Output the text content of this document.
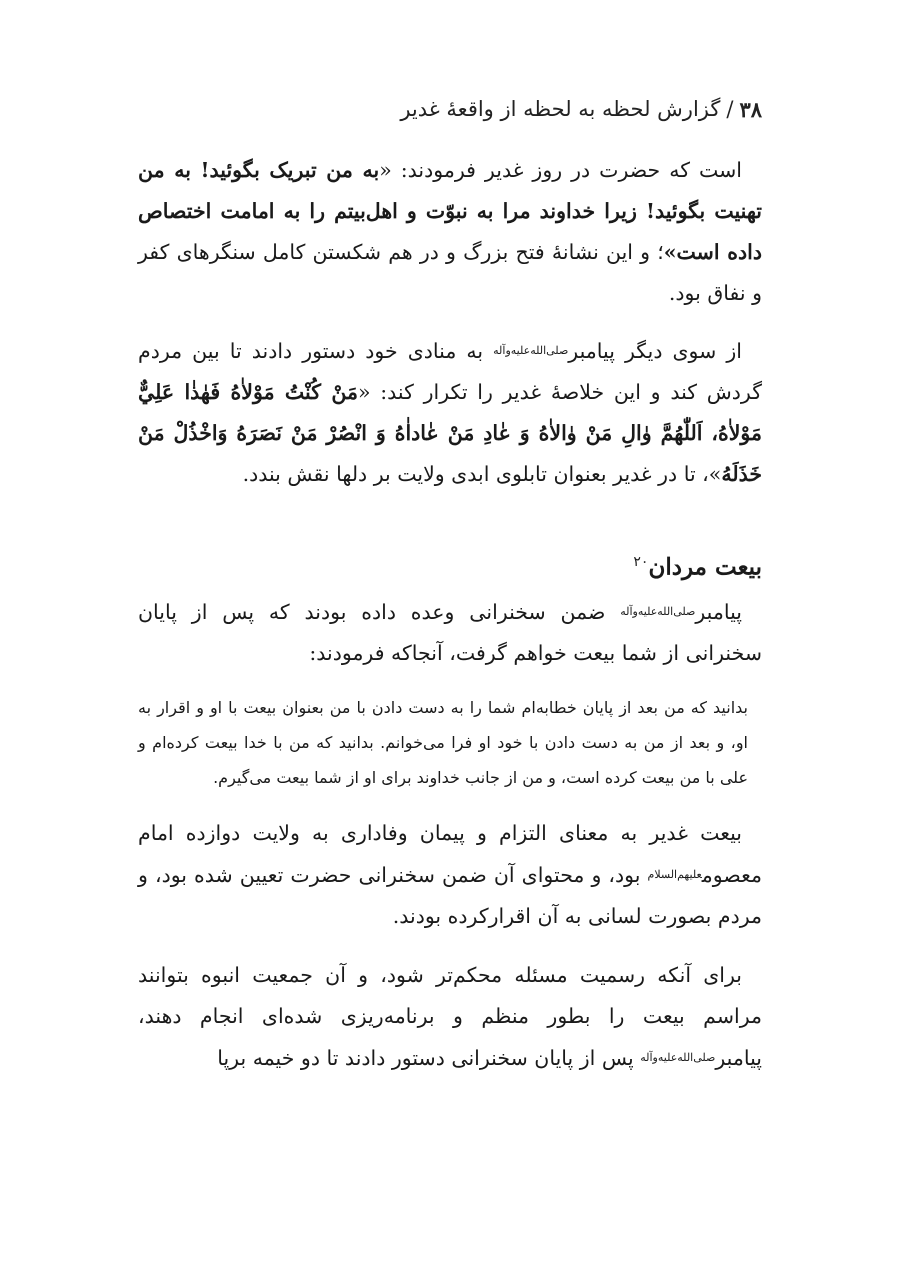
۳۸
/
گزارش لحظه به لحظه از واقعهٔ غدیر

است که حضرت در روز غدیر فرمودند: «به من تبریک بگوئید! به من تهنیت بگوئید! زیرا خداوند مرا به نبوّت و اهل‌بیتم را به امامت اختصاص داده است»؛ و این نشانهٔ فتح بزرگ و در هم شکستن کامل سنگرهای کفر و نفاق بود.

از سوی دیگر پیامبرصلى‌الله‌عليه‌وآله به منادی خود دستور دادند تا بین مردم گردش کند و این خلاصهٔ غدیر را تکرار کند: «مَنْ كُنْتُ مَوْلاٰهُ فَهٰذٰا عَلِيٌّ مَوْلاٰهُ، اَللّٰهُمَّ وٰالِ مَنْ وٰالاٰهُ وَ عٰادِ مَنْ عٰاداٰهُ وَ انْصُرْ مَنْ نَصَرَهُ وَاخْذُلْ مَنْ خَذَلَهُ»، تا در غدیر بعنوان تابلوی ابدی ولایت بر دلها نقش بندد.

بیعت مردان$^{۲۰}$

پیامبرصلى‌الله‌عليه‌وآله ضمن سخنرانی وعده داده بودند که پس از پایان سخنرانی از شما بیعت خواهم گرفت، آنجاکه فرمودند:

بدانید که من بعد از پایان خطابه‌ام شما را به دست دادن با من بعنوان بیعت با او و اقرار به او، و بعد از من به دست دادن با خود او فرا می‌خوانم. بدانید که من با خدا بیعت کرده‌ام و علی با من بیعت کرده است، و من از جانب خداوند برای او از شما بیعت می‌گیرم.

بیعت غدیر به معنای التزام و پیمان وفاداری به ولایت دوازده امام معصومعليهم‌السلام بود، و محتوای آن ضمن سخنرانی حضرت تعیین شده بود، و مردم بصورت لسانی به آن اقرارکرده بودند.

برای آنکه رسمیت مسئله محکم‌تر شود، و آن جمعیت انبوه بتوانند مراسم بیعت را بطور منظم و برنامه‌ریزی شده‌ای انجام دهند، پیامبرصلى‌الله‌عليه‌وآله پس از پایان سخنرانی دستور دادند تا دو خیمه برپا
